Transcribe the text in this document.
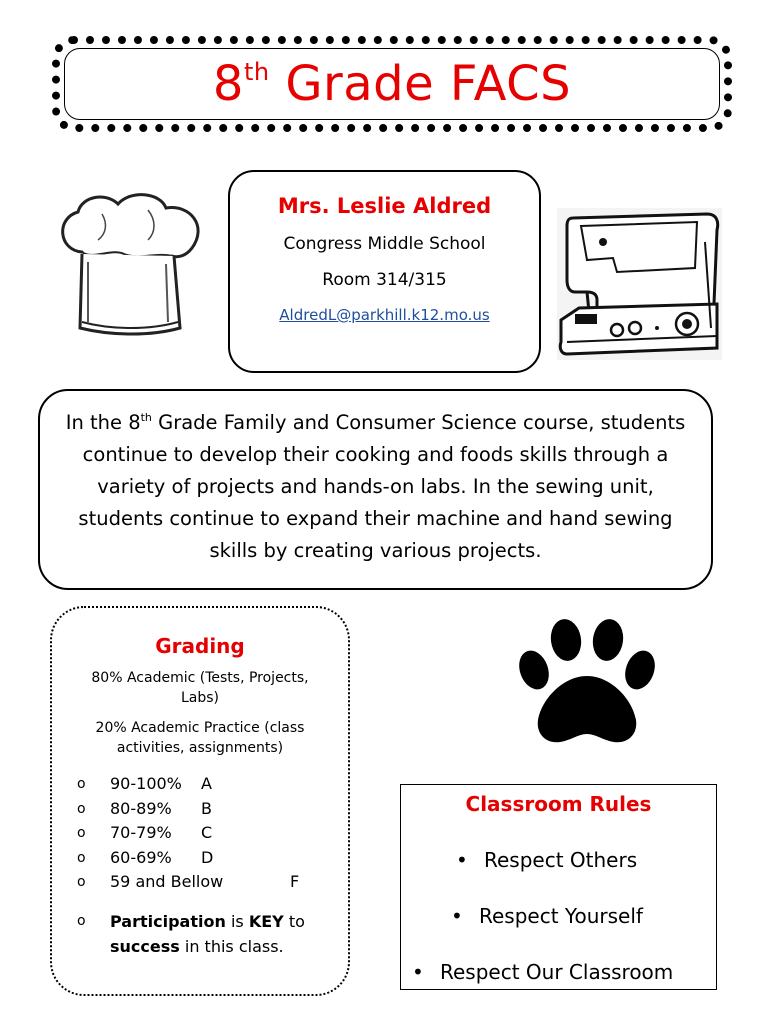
8th Grade FACS
Mrs. Leslie Aldred
Congress Middle School
Room 314/315
AldredL@parkhill.k12.mo.us
In the 8th Grade Family and Consumer Science course, students continue to develop their cooking and foods skills through a variety of projects and hands-on labs. In the sewing unit, students continue to expand their machine and hand sewing skills by creating various projects.
Grading
80% Academic (Tests, Projects, Labs)
20% Academic Practice (class activities, assignments)
o 90-100% A
o 80-89% B
o 70-79% C
o 60-69% D
o 59 and Bellow	F
o Participation is KEY to success in this class.
Classroom Rules
• Respect Others
• Respect Yourself
• Respect Our Classroom
